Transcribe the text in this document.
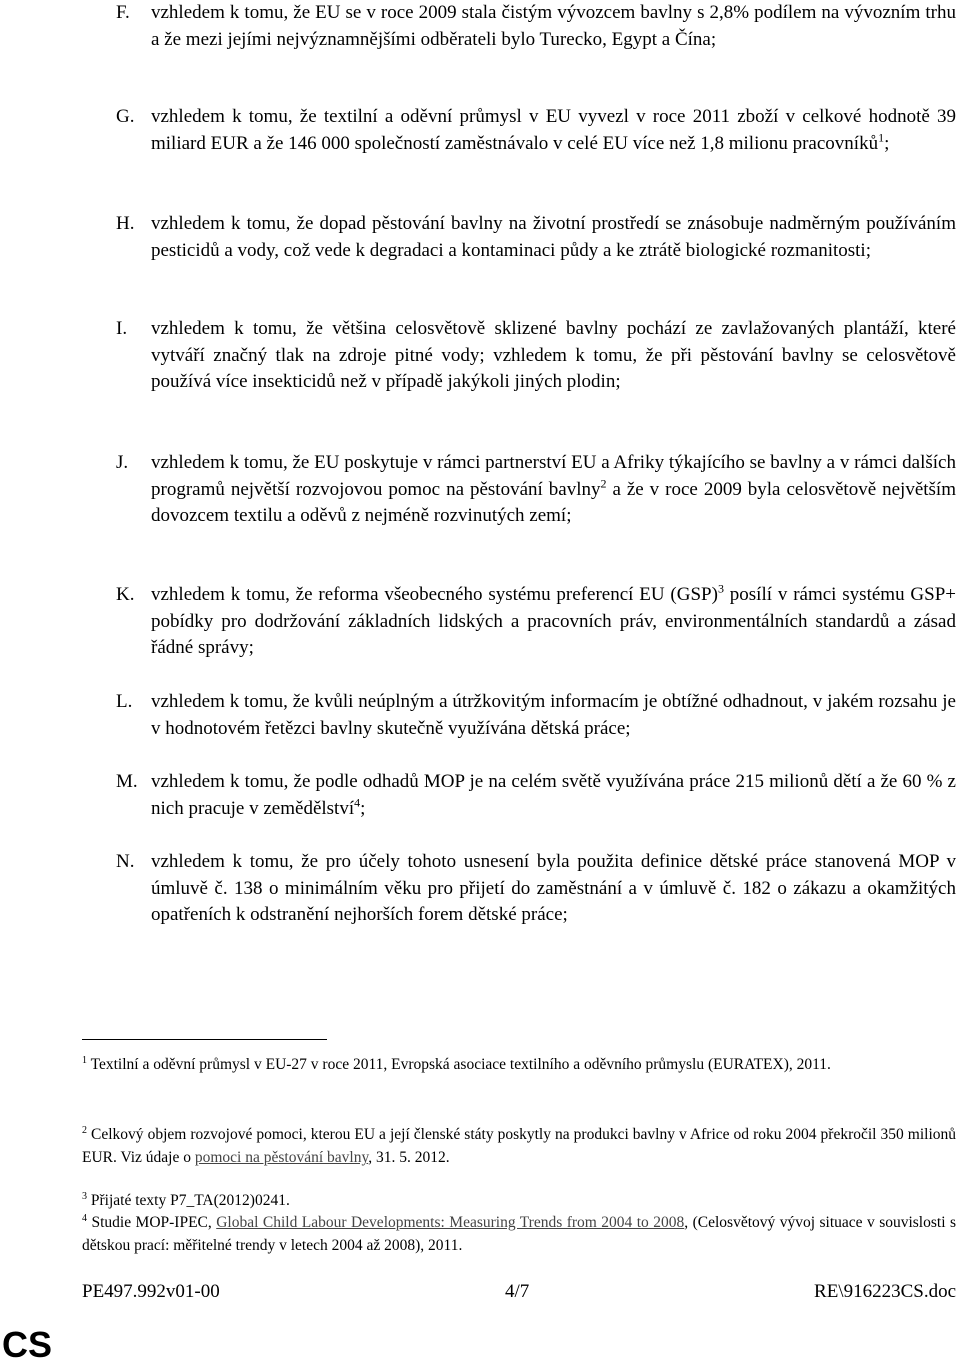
F. vzhledem k tomu, že EU se v roce 2009 stala čistým vývozcem bavlny s 2,8% podílem na vývozním trhu a že mezi jejími nejvýznamnějšími odběrateli bylo Turecko, Egypt a Čína;
G. vzhledem k tomu, že textilní a oděvní průmysl v EU vyvezl v roce 2011 zboží v celkové hodnotě 39 miliard EUR a že 146 000 společností zaměstnávalo v celé EU více než 1,8 milionu pracovníků$^1$;
H. vzhledem k tomu, že dopad pěstování bavlny na životní prostředí se znásobuje nadměrným používáním pesticidů a vody, což vede k degradaci a kontaminaci půdy a ke ztrátě biologické rozmanitosti;
I. vzhledem k tomu, že většina celosvětově sklizené bavlny pochází ze zavlažovaných plantáží, které vytváří značný tlak na zdroje pitné vody; vzhledem k tomu, že při pěstování bavlny se celosvětově používá více insekticidů než v případě jakýkoli jiných plodin;
J. vzhledem k tomu, že EU poskytuje v rámci partnerství EU a Afriky týkajícího se bavlny a v rámci dalších programů největší rozvojovou pomoc na pěstování bavlny$^2$ a že v roce 2009 byla celosvětově největším dovozcem textilu a oděvů z nejméně rozvinutých zemí;
K. vzhledem k tomu, že reforma všeobecného systému preferencí EU (GSP)$^3$ posílí v rámci systému GSP+ pobídky pro dodržování základních lidských a pracovních práv, environmentálních standardů a zásad řádné správy;
L. vzhledem k tomu, že kvůli neúplným a útržkovitým informacím je obtížné odhadnout, v jakém rozsahu je v hodnotovém řetězci bavlny skutečně využívána dětská práce;
M. vzhledem k tomu, že podle odhadů MOP je na celém světě využívána práce 215 milionů dětí a že 60 % z nich pracuje v zemědělství$^4$;
N. vzhledem k tomu, že pro účely tohoto usnesení byla použita definice dětské práce stanovená MOP v úmluvě č. 138 o minimálním věku pro přijetí do zaměstnání a v úmluvě č. 182 o zákazu a okamžitých opatřeních k odstranění nejhorších forem dětské práce;
$^1$ Textilní a oděvní průmysl v EU-27 v roce 2011, Evropská asociace textilního a oděvního průmyslu (EURATEX), 2011.
$^2$ Celkový objem rozvojové pomoci, kterou EU a její členské státy poskytly na produkci bavlny v Africe od roku 2004 překročil 350 milionů EUR. Viz údaje o pomoci na pěstování bavlny, 31. 5. 2012.
$^3$ Přijaté texty P7_TA(2012)0241.
$^4$ Studie MOP-IPEC, Global Child Labour Developments: Measuring Trends from 2004 to 2008, (Celosvětový vývoj situace v souvislosti s dětskou prací: měřitelné trendy v letech 2004 až 2008), 2011.
PE497.992v01-00	4/7	RE\916223CS.doc
CS
